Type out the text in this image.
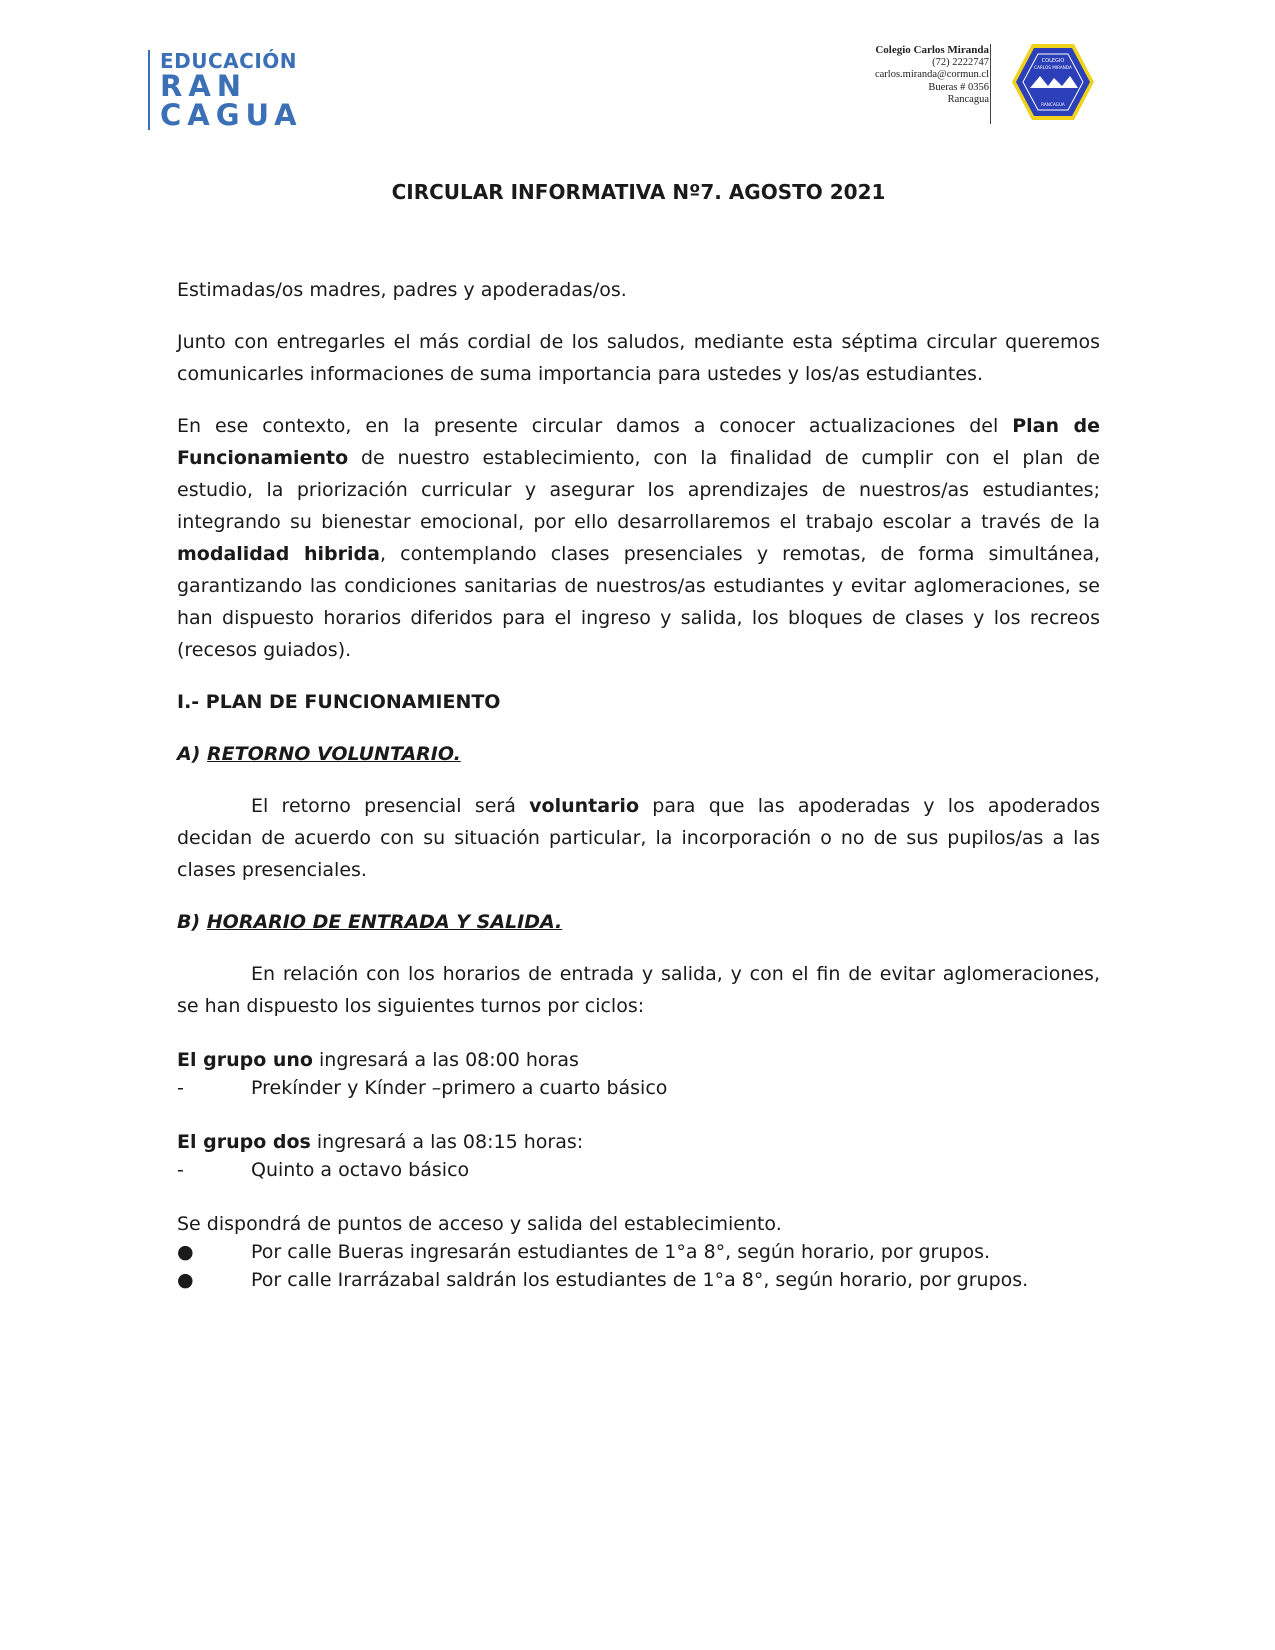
EDUCACIÓN
RAN
CAGUA
Colegio Carlos Miranda
(72) 2222747
carlos.miranda@cormun.cl
Bueras # 0356
Rancagua
COLEGIO
CARLOS MIRANDA
RANCAGUA
CIRCULAR INFORMATIVA Nº7. AGOSTO 2021

Estimadas/os madres, padres y apoderadas/os.

Junto con entregarles el más cordial de los saludos, mediante esta séptima circular queremos comunicarles informaciones de suma importancia para ustedes y los/as estudiantes.

En ese contexto, en la presente circular damos a conocer actualizaciones del Plan de Funcionamiento de nuestro establecimiento, con la finalidad de cumplir con el plan de estudio, la priorización curricular y asegurar los aprendizajes de nuestros/as estudiantes; integrando su bienestar emocional, por ello desarrollaremos el trabajo escolar a través de la modalidad hibrida, contemplando clases presenciales y remotas, de forma simultánea, garantizando las condiciones sanitarias de nuestros/as estudiantes y evitar aglomeraciones, se han dispuesto horarios diferidos para el ingreso y salida, los bloques de clases y los recreos (recesos guiados).

I.- PLAN DE FUNCIONAMIENTO
A) RETORNO VOLUNTARIO.

El retorno presencial será voluntario para que las apoderadas y los apoderados decidan de acuerdo con su situación particular, la incorporación o no de sus pupilos/as a las clases presenciales.

B) HORARIO DE ENTRADA Y SALIDA.

En relación con los horarios de entrada y salida, y con el fin de evitar aglomeraciones, se han dispuesto los siguientes turnos por ciclos:

El grupo uno ingresará a las 08:00 horas
-	Prekínder y Kínder –primero a cuarto básico
El grupo dos ingresará a las 08:15 horas:
-	Quinto a octavo básico
Se dispondrá de puntos de acceso y salida del establecimiento.
●	Por calle Bueras ingresarán estudiantes de 1°a 8°, según horario, por grupos.
●	Por calle Irarrázabal saldrán los estudiantes de 1°a 8°, según horario, por grupos.
